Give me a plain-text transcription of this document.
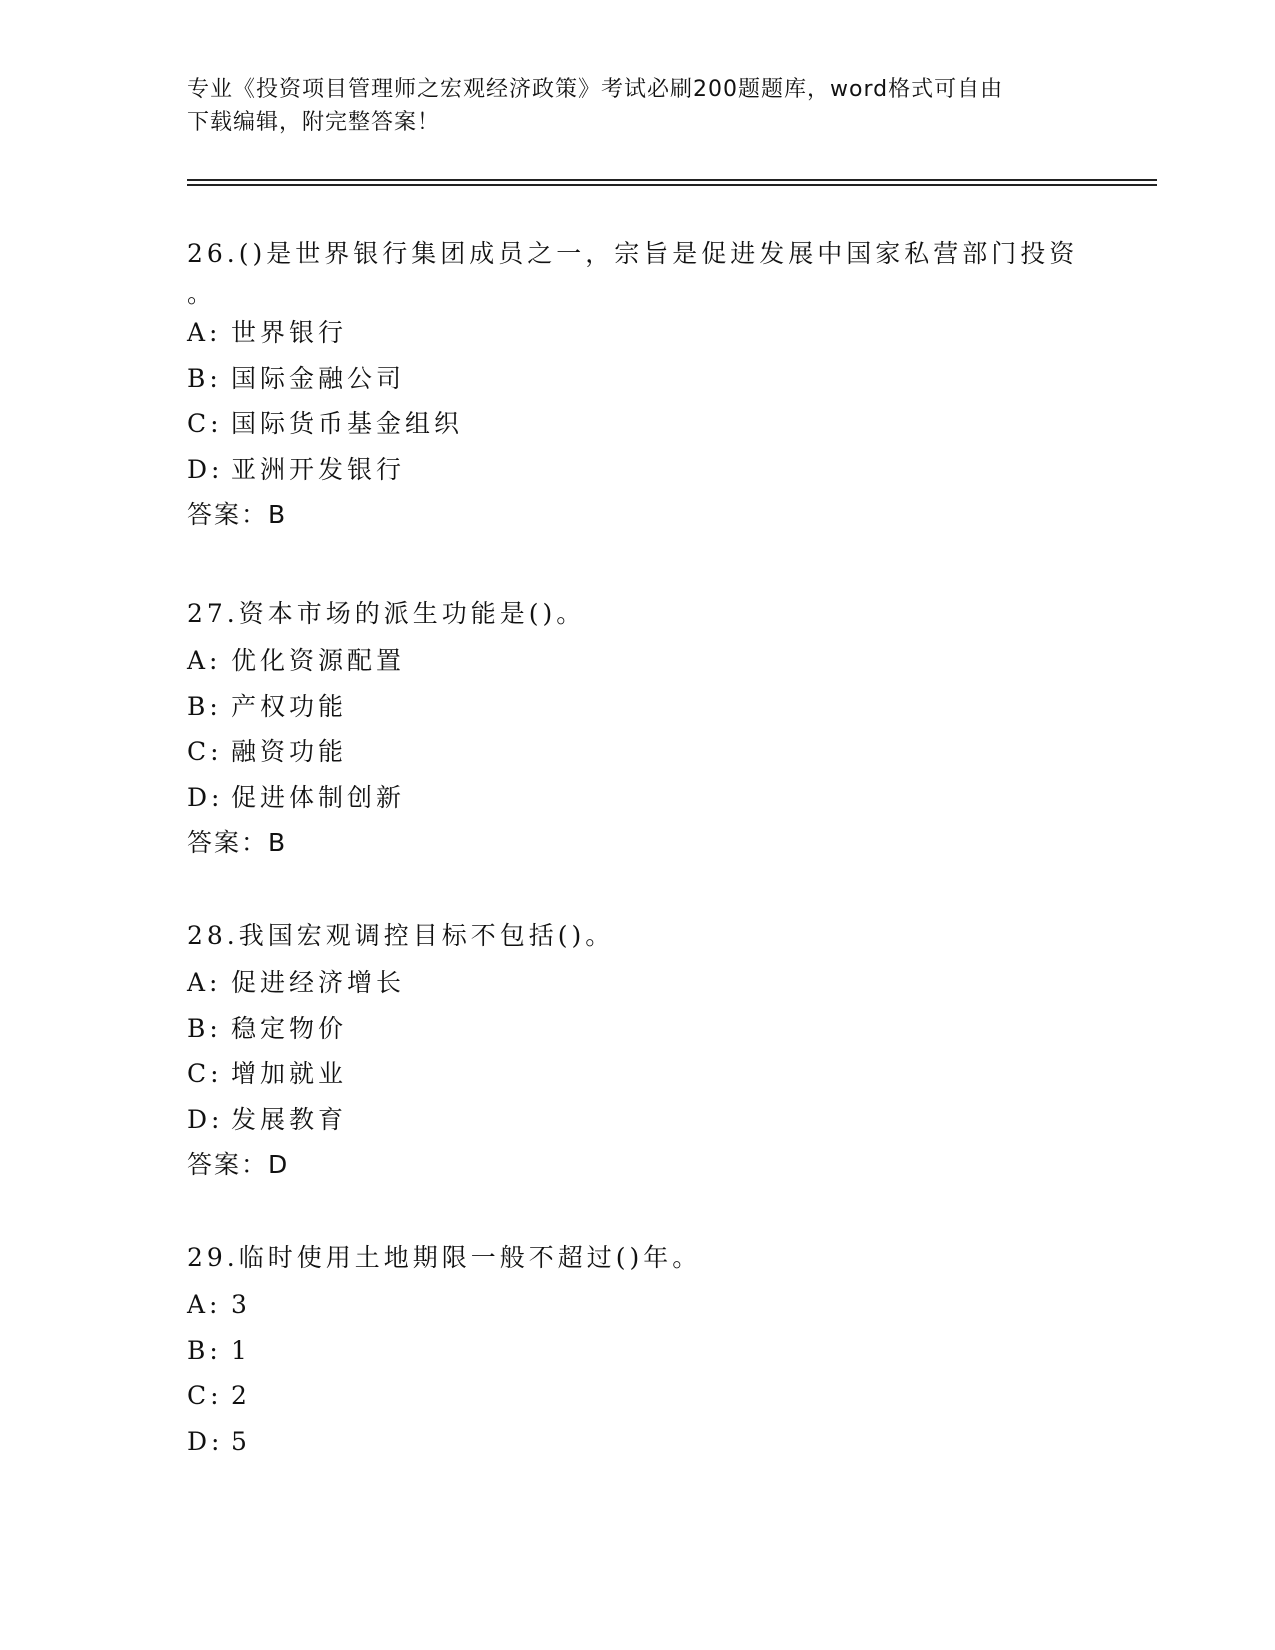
专业《投资项目管理师之宏观经济政策》考试必刷200题题库，word格式可自由
下载编辑，附完整答案！
26.()是世界银行集团成员之一，宗旨是促进发展中国家私营部门投资
。
A: 世界银行
B: 国际金融公司
C: 国际货币基金组织
D: 亚洲开发银行
答案：B
27.资本市场的派生功能是()。
A: 优化资源配置
B: 产权功能
C: 融资功能
D: 促进体制创新
答案：B
28.我国宏观调控目标不包括()。
A: 促进经济增长
B: 稳定物价
C: 增加就业
D: 发展教育
答案：D
29.临时使用土地期限一般不超过()年。
A: 3
B: 1
C: 2
D: 5
